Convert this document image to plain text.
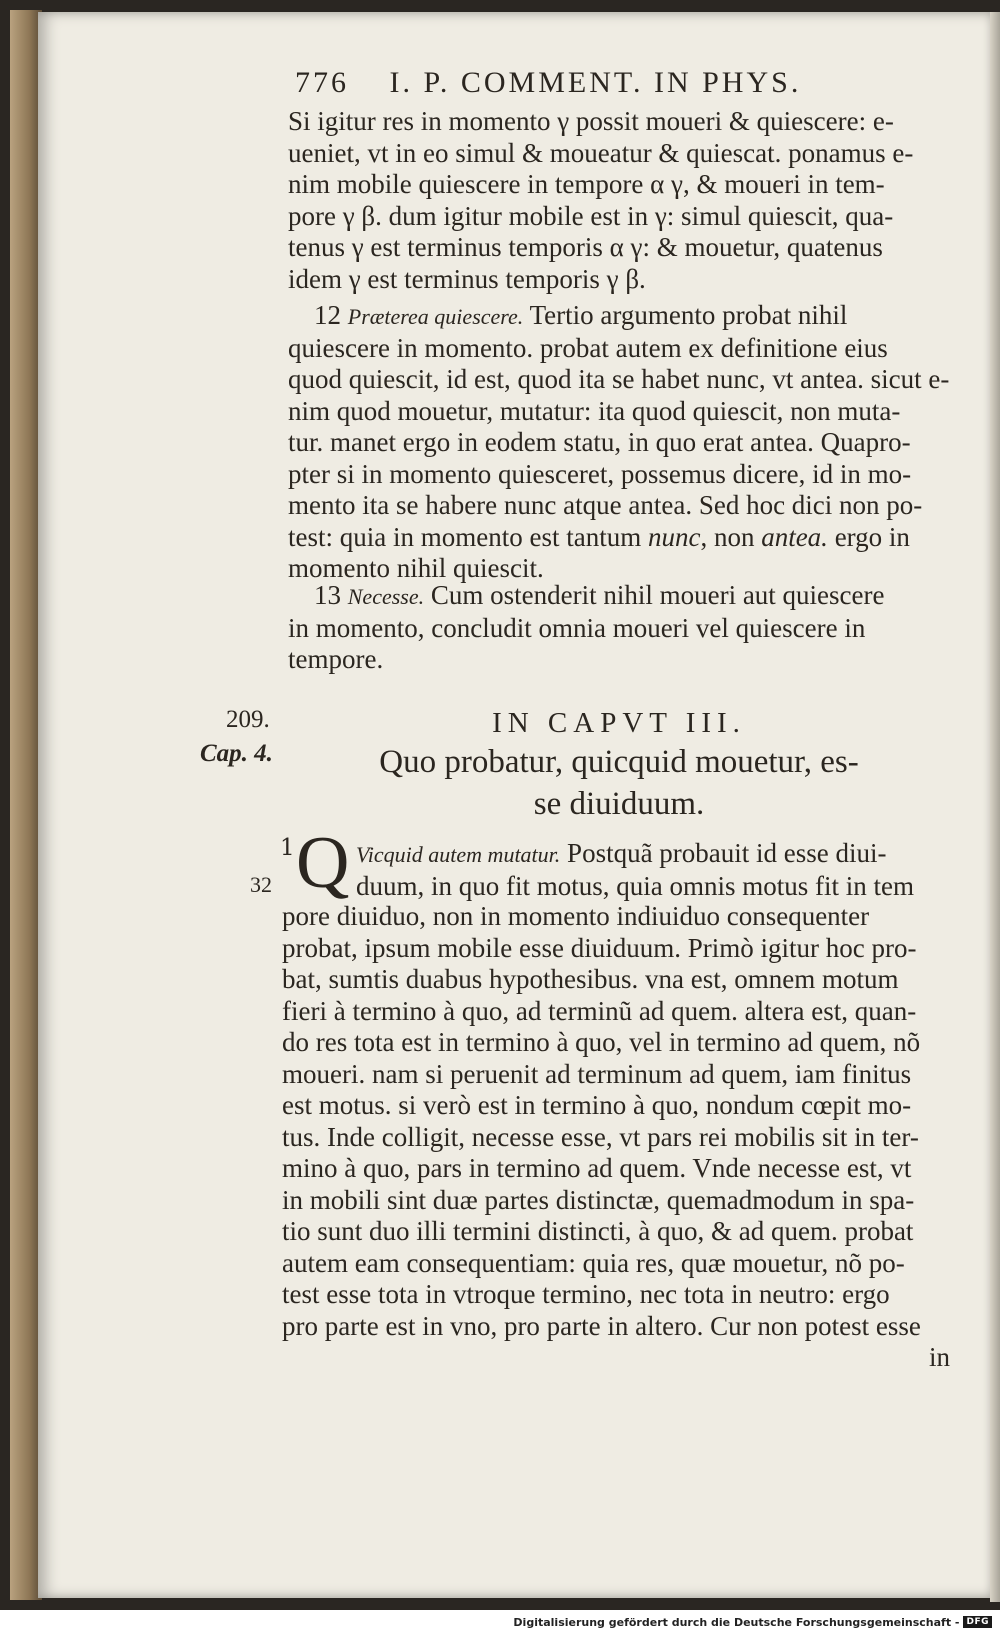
776 I. P. COMMENT. IN PHYS.

Si igitur res in momento γ possit moueri & quiescere: e-

ueniet, vt in eo simul & moueatur & quiescat. ponamus e-

nim mobile quiescere in tempore α γ, & moueri in tem-

pore γ β. dum igitur mobile est in γ: simul quiescit, qua-

tenus γ est terminus temporis α γ: & mouetur, quatenus

idem γ est terminus temporis γ β.

12 Præterea quiescere. Tertio argumento probat nihil

quiescere in momento. probat autem ex definitione eius

quod quiescit, id est, quod ita se habet nunc, vt antea. sicut e-

nim quod mouetur, mutatur: ita quod quiescit, non muta-

tur. manet ergo in eodem statu, in quo erat antea. Quapro-

pter si in momento quiesceret, possemus dicere, id in mo-

mento ita se habere nunc atque antea. Sed hoc dici non po-

test: quia in momento est tantum nunc, non antea. ergo in

momento nihil quiescit.

13 Necesse. Cum ostenderit nihil moueri aut quiescere

in momento, concludit omnia moueri vel quiescere in

tempore.

209.
Cap. 4.
32
IN CAPVT III.
Quo probatur, quicquid mouetur, es-
se diuiduum.
1 Q Vicquid autem mutatur. Postquã probauit id esse diui-

duum, in quo fit motus, quia omnis motus fit in tem

pore diuiduo, non in momento indiuiduo consequenter

probat, ipsum mobile esse diuiduum. Primò igitur hoc pro-

bat, sumtis duabus hypothesibus. vna est, omnem motum

fieri à termino à quo, ad terminũ ad quem. altera est, quan-

do res tota est in termino à quo, vel in termino ad quem, nõ

moueri. nam si peruenit ad terminum ad quem, iam finitus

est motus. si verò est in termino à quo, nondum cœpit mo-

tus. Inde colligit, necesse esse, vt pars rei mobilis sit in ter-

mino à quo, pars in termino ad quem. Vnde necesse est, vt

in mobili sint duæ partes distinctæ, quemadmodum in spa-

tio sunt duo illi termini distincti, à quo, & ad quem. probat

autem eam consequentiam: quia res, quæ mouetur, nõ po-

test esse tota in vtroque termino, nec tota in neutro: ergo

pro parte est in vno, pro parte in altero. Cur non potest esse

in

Digitalisierung gefördert durch die Deutsche Forschungsgemeinschaft - DFG
